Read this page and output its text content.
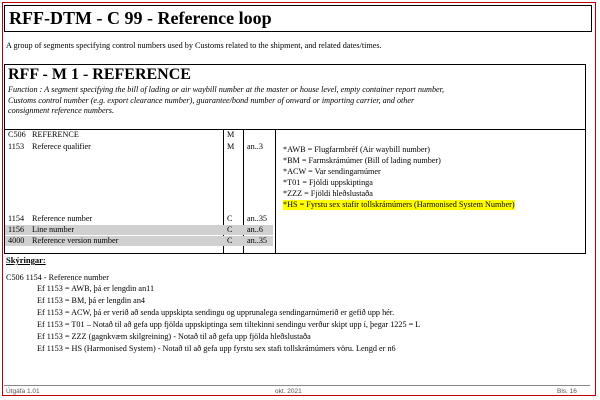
RFF-DTM - C 99 - Reference loop
A group of segments specifying control numbers used by Customs related to the shipment, and related dates/times.
RFF - M 1 - REFERENCE
Function : A segment specifying the bill of lading or air waybill number at the master or house level, empty container report number,
Customs control number (e.g. export clearance number), guarantee/bond number of onward or importing carrier, and other
consignment reference numbers.
C506 REFERENCE	M
1153 Referece qualifier	M an..3
1154 Reference number	C an..35
1156 Line number	C an..6
4000 Reference version number	C an..35
*AWB = Flugfarmbréf (Air waybill number)
*BM = Farmskrámúmer (Bill of lading number)
*ACW = Var sendingarnúmer
*T01 = Fjöldi uppskiptinga
*ZZZ = Fjöldi hleðslustaða
*HS = Fyrstu sex stafir tollskrámúmers (Harmonised System Number)
Skýringar:
C506 1154 - Reference number
Ef 1153 = AWB, þá er lengdin an11
Ef 1153 = BM, þá er lengdin an4
Ef 1153 = ACW, þá er verið að senda uppskipta sendingu og upprunalega sendingarnúmerið er gefið upp hér.
Ef 1153 = T01 – Notað til að gefa upp fjölda uppskiptinga sem tiltekinni sendingu verður skipt upp í, þegar 1225 = L
Ef 1153 = ZZZ (gagnkvæm skilgreining) - Notað til að gefa upp fjölda hleðslustaða
Ef 1153 = HS (Harmonised System) - Notað til að gefa upp fyrstu sex stafi tollskrámúmers vöru. Lengd er n6
Útgáfa 1.01	okt. 2021	Bls. 16
